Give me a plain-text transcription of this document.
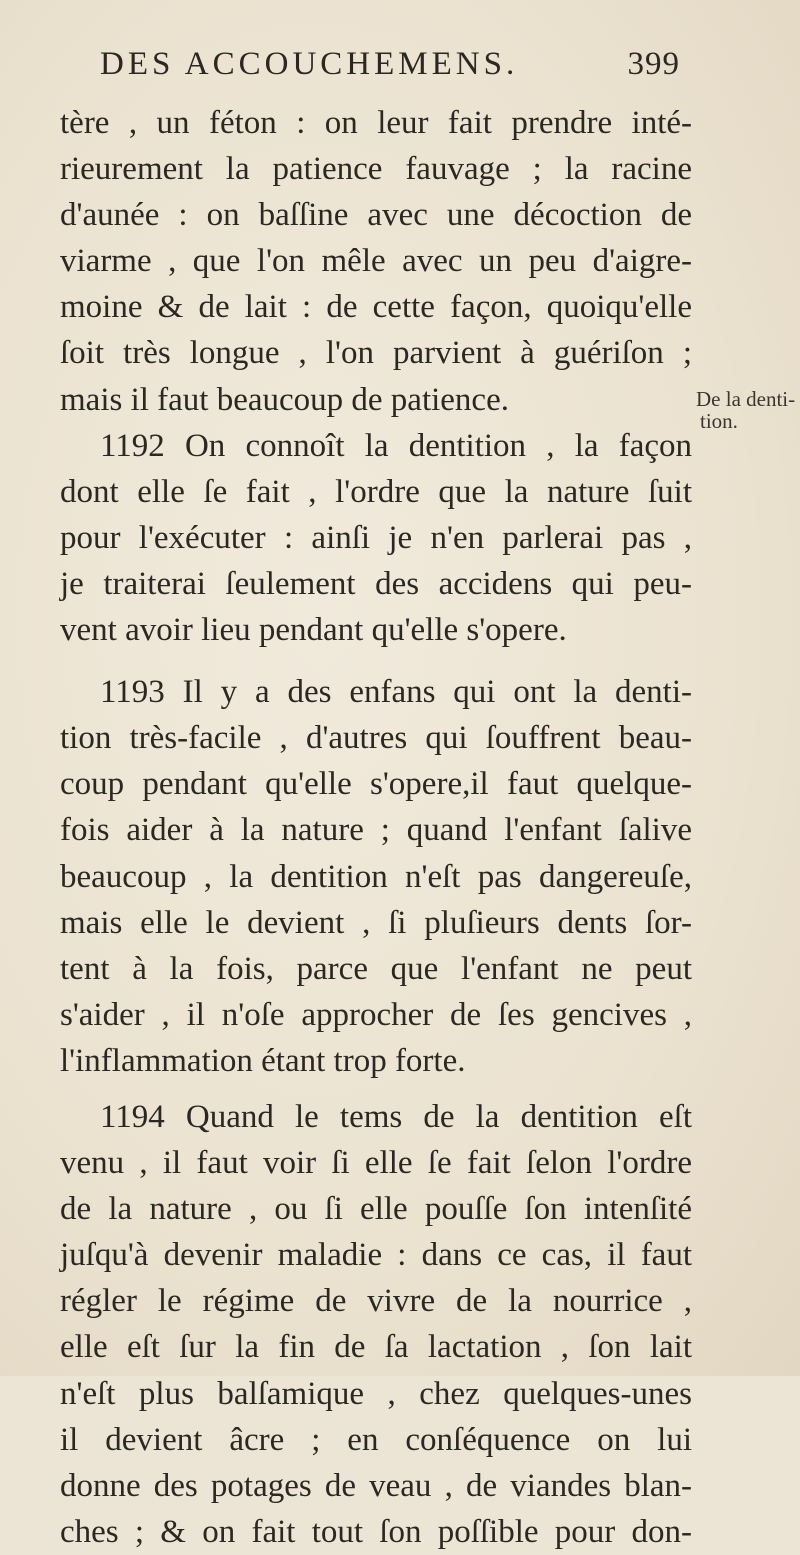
DES ACCOUCHEMENS.	399
De la denti-
tion.
tère , un féton : on leur fait prendre inté-
rieurement la patience fauvage ; la racine
d'aunée : on baſſine avec une décoction de
viarme , que l'on mêle avec un peu d'aigre-
moine & de lait : de cette façon, quoiqu'elle
ſoit très longue , l'on parvient à guériſon ;
mais il faut beaucoup de patience.
1192 On connoît la dentition , la façon
dont elle ſe fait , l'ordre que la nature ſuit
pour l'exécuter : ainſi je n'en parlerai pas ,
je traiterai ſeulement des accidens qui peu-
vent avoir lieu pendant qu'elle s'opere.
1193 Il y a des enfans qui ont la denti-
tion très-facile , d'autres qui ſouffrent beau-
coup pendant qu'elle s'opere,il faut quelque-
fois aider à la nature ; quand l'enfant ſalive
beaucoup , la dentition n'eſt pas dangereuſe,
mais elle le devient , ſi pluſieurs dents ſor-
tent à la fois, parce que l'enfant ne peut
s'aider , il n'oſe approcher de ſes gencives ,
l'inflammation étant trop forte.
1194 Quand le tems de la dentition eſt
venu , il faut voir ſi elle ſe fait ſelon l'ordre
de la nature , ou ſi elle pouſſe ſon intenſité
juſqu'à devenir maladie : dans ce cas, il faut
régler le régime de vivre de la nourrice ,
elle eſt ſur la fin de ſa lactation , ſon lait
n'eſt plus balſamique , chez quelques-unes
il devient âcre ; en conſéquence on lui
donne des potages de veau , de viandes blan-
ches ; & on fait tout ſon poſſible pour don-
